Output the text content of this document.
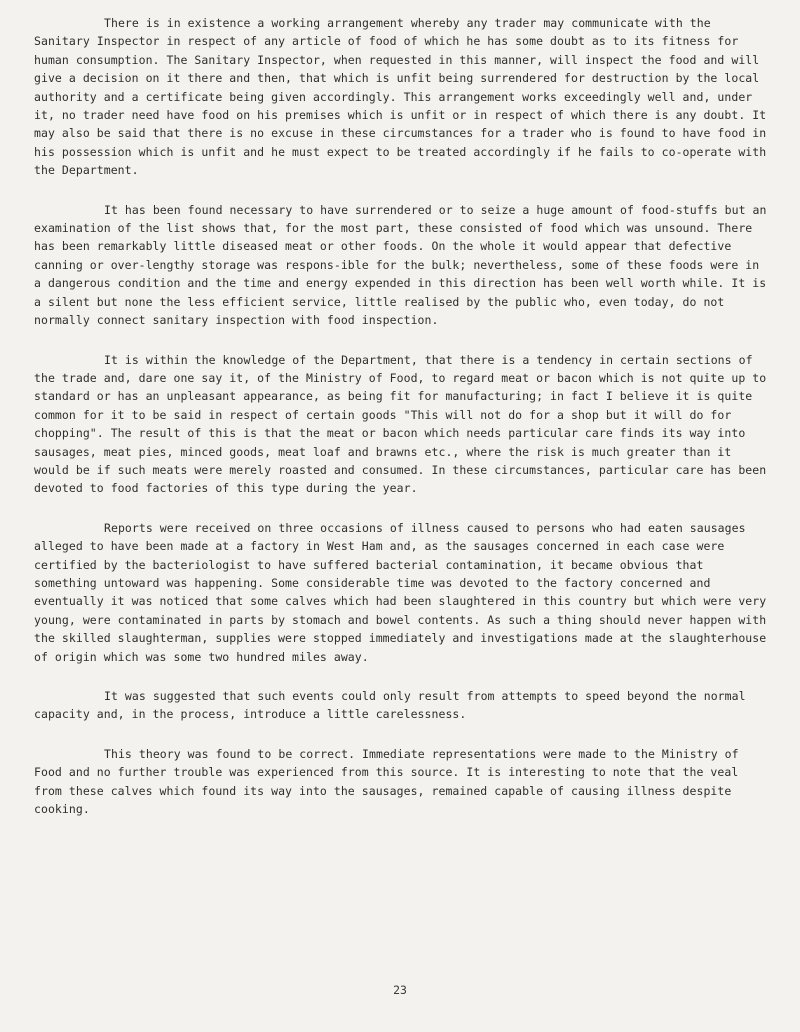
There is in existence a working arrangement whereby any trader may communicate with the Sanitary Inspector in respect of any article of food of which he has some doubt as to its fitness for human consumption. The Sanitary Inspector, when requested in this manner, will inspect the food and will give a decision on it there and then, that which is unfit being surrendered for destruction by the local authority and a certificate being given accordingly. This arrangement works exceedingly well and, under it, no trader need have food on his premises which is unfit or in respect of which there is any doubt. It may also be said that there is no excuse in these circumstances for a trader who is found to have food in his possession which is unfit and he must expect to be treated accordingly if he fails to co-operate with the Department.

It has been found necessary to have surrendered or to seize a huge amount of food-stuffs but an examination of the list shows that, for the most part, these consisted of food which was unsound. There has been remarkably little diseased meat or other foods. On the whole it would appear that defective canning or over-lengthy storage was respons-ible for the bulk; nevertheless, some of these foods were in a dangerous condition and the time and energy expended in this direction has been well worth while. It is a silent but none the less efficient service, little realised by the public who, even today, do not normally connect sanitary inspection with food inspection.

It is within the knowledge of the Department, that there is a tendency in certain sections of the trade and, dare one say it, of the Ministry of Food, to regard meat or bacon which is not quite up to standard or has an unpleasant appearance, as being fit for manufacturing; in fact I believe it is quite common for it to be said in respect of certain goods "This will not do for a shop but it will do for chopping". The result of this is that the meat or bacon which needs particular care finds its way into sausages, meat pies, minced goods, meat loaf and brawns etc., where the risk is much greater than it would be if such meats were merely roasted and consumed. In these circumstances, particular care has been devoted to food factories of this type during the year.

Reports were received on three occasions of illness caused to persons who had eaten sausages alleged to have been made at a factory in West Ham and, as the sausages concerned in each case were certified by the bacteriologist to have suffered bacterial contamination, it became obvious that something untoward was happening. Some considerable time was devoted to the factory concerned and eventually it was noticed that some calves which had been slaughtered in this country but which were very young, were contaminated in parts by stomach and bowel contents. As such a thing should never happen with the skilled slaughterman, supplies were stopped immediately and investigations made at the slaughterhouse of origin which was some two hundred miles away.

It was suggested that such events could only result from attempts to speed beyond the normal capacity and, in the process, introduce a little carelessness.

This theory was found to be correct. Immediate representations were made to the Ministry of Food and no further trouble was experienced from this source. It is interesting to note that the veal from these calves which found its way into the sausages, remained capable of causing illness despite cooking.

23
